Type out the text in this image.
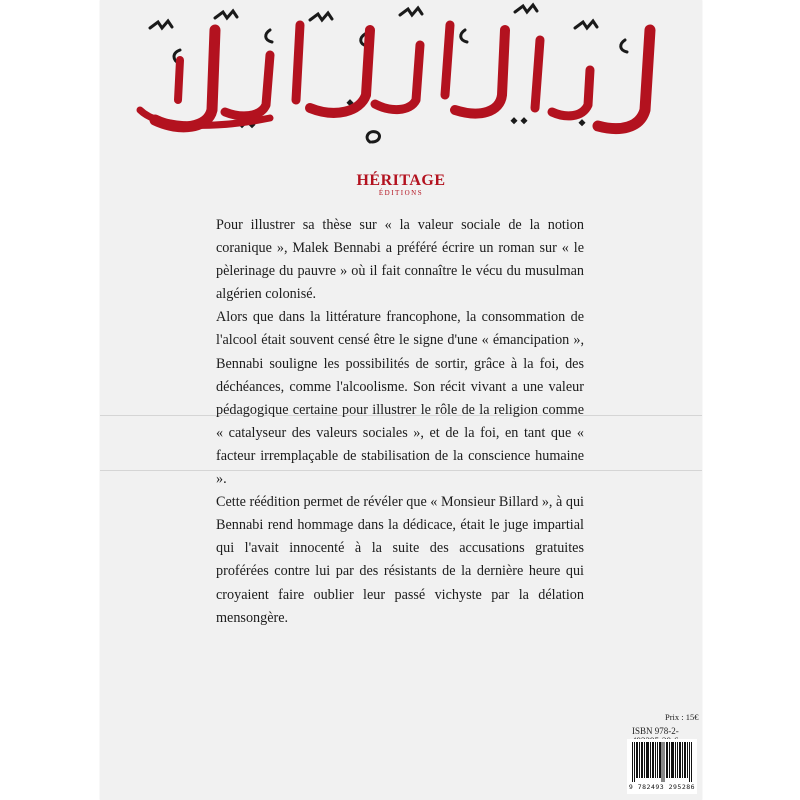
لبيك اللهم لبيك
HÉRITAGE
ÉDITIONS

Pour illustrer sa thèse sur « la valeur sociale de la notion coranique », Malek Bennabi a préféré écrire un roman sur « le pèlerinage du pauvre » où il fait connaître le vécu du musulman algérien colonisé.

Alors que dans la littérature francophone, la consommation de l'alcool était souvent censé être le signe d'une « émancipation », Bennabi souligne les possibilités de sortir, grâce à la foi, des déchéances, comme l'alcoolisme. Son récit vivant a une valeur pédagogique certaine pour illustrer le rôle de la religion comme « catalyseur des valeurs sociales », et de la foi, en tant que « facteur irremplaçable de stabilisation de la conscience humaine ».

Cette réédition permet de révéler que « Monsieur Billard », à qui Bennabi rend hommage dans la dédicace, était le juge impartial qui l'avait innocenté à la suite des accusations gratuites proférées contre lui par des résistants de la dernière heure qui croyaient faire oublier leur passé vichyste par la délation mensongère.

Prix : 15€
ISBN 978-2-
9 782493 295286
